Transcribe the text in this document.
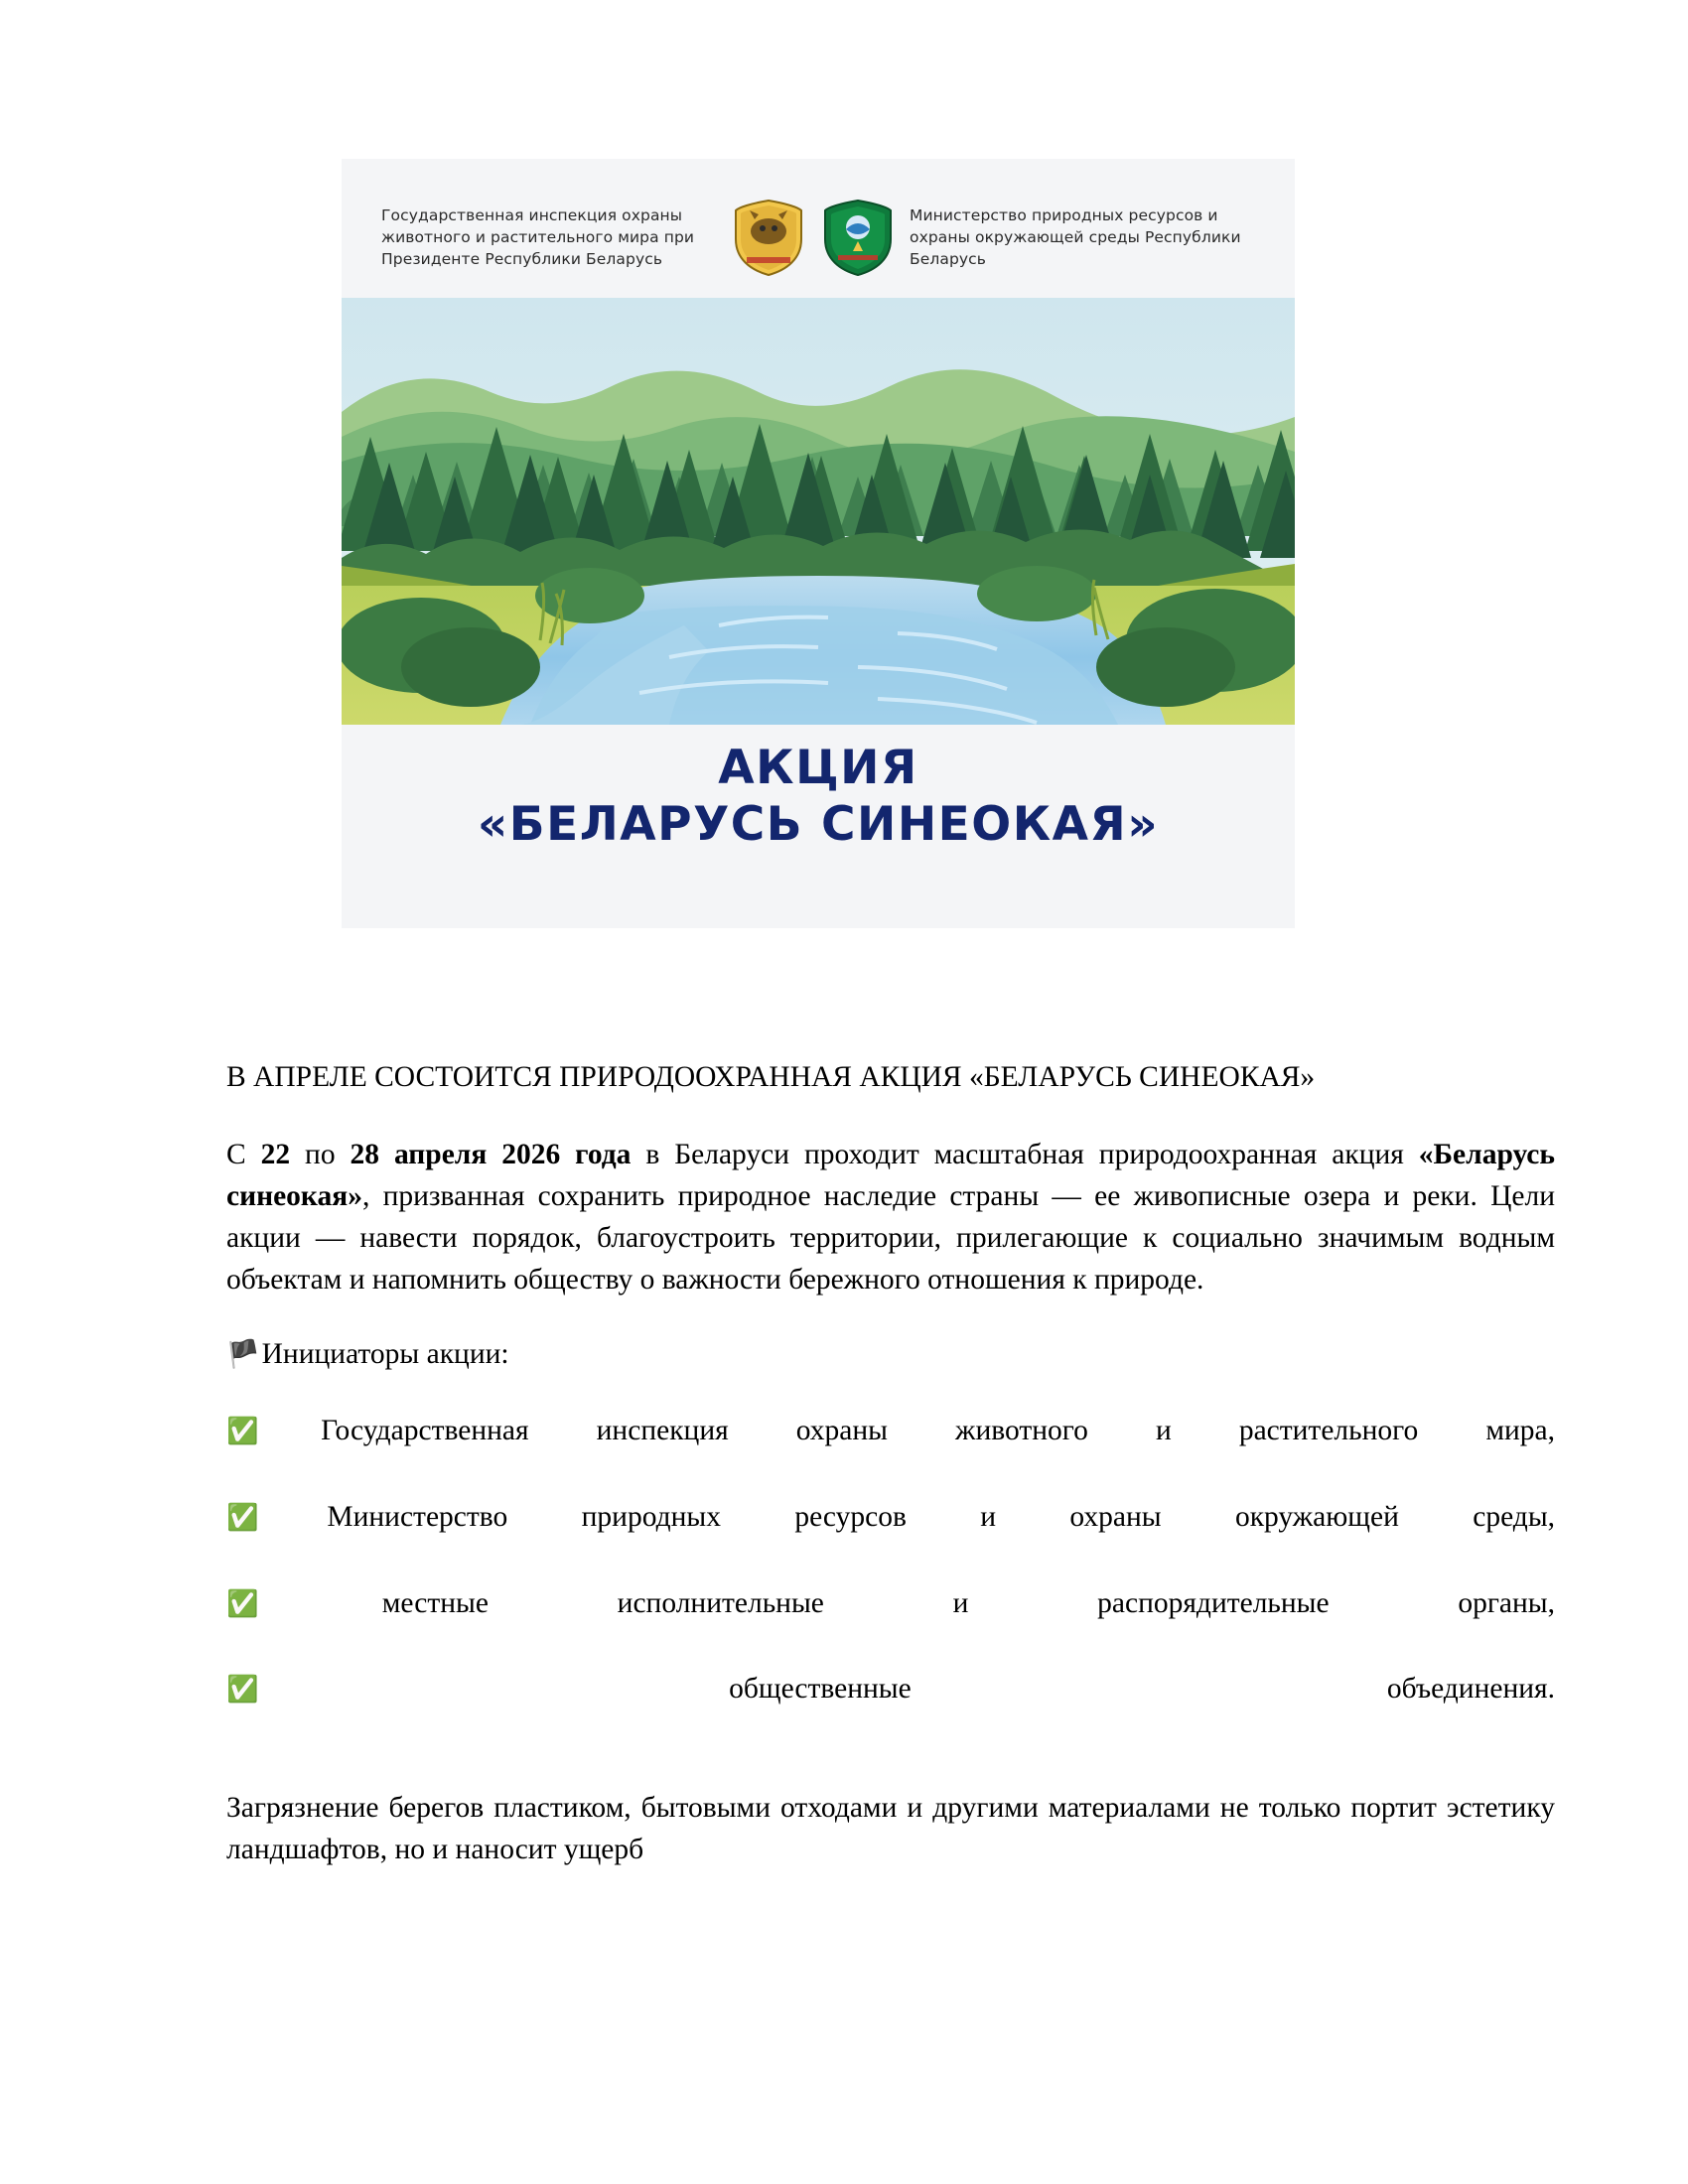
Государственная инспекция охраны животного и растительного мира при Президенте Республики Беларусь
Министерство природных ресурсов и охраны окружающей среды Республики Беларусь
АКЦИЯ
«БЕЛАРУСЬ СИНЕОКАЯ»

В АПРЕЛЕ СОСТОИТСЯ ПРИРОДООХРАННАЯ АКЦИЯ «БЕЛАРУСЬ СИНЕОКАЯ»

С 22 по 28 апреля 2026 года в Беларуси проходит масштабная природоохранная акция «Беларусь синеокая», призванная сохранить природное наследие страны — ее живописные озера и реки. Цели акции — навести порядок, благоустроить территории, прилегающие к социально значимым водным объектам и напомнить обществу о важности бережного отношения к природе.

🏴Инициаторы акции:

✅Государственная инспекция охраны животного и растительного мира,
✅Министерство природных ресурсов и охраны окружающей среды,
✅местные исполнительные и распорядительные органы,
✅общественные объединения.

Загрязнение берегов пластиком, бытовыми отходами и другими материалами не только портит эстетику ландшафтов, но и наносит ущерб
